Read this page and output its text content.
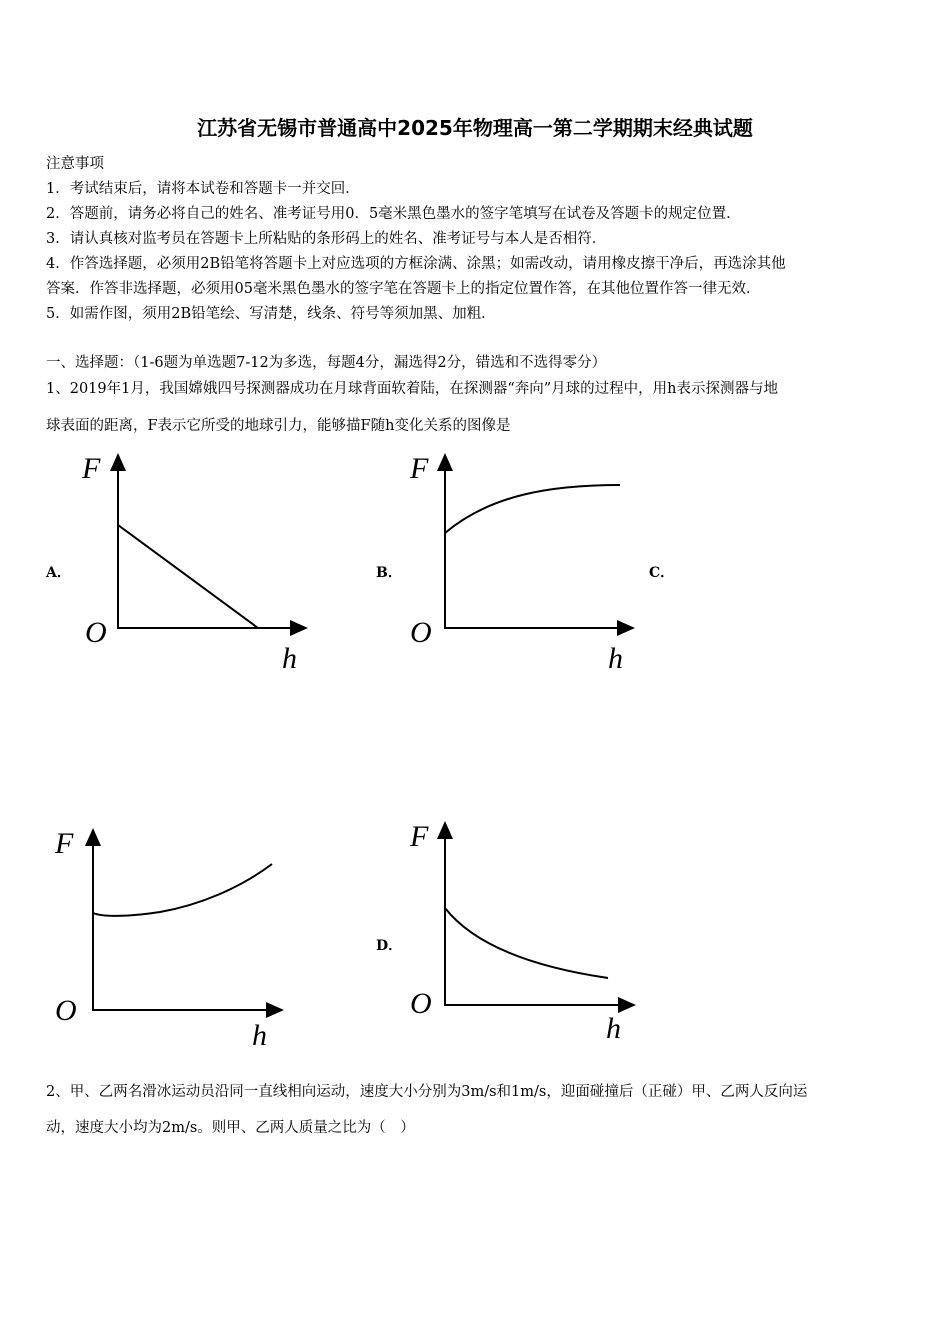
江苏省无锡市普通高中2025年物理高一第二学期期末经典试题
注意事项
1．考试结束后，请将本试卷和答题卡一并交回．
2．答题前，请务必将自己的姓名、准考证号用0．5毫米黑色墨水的签字笔填写在试卷及答题卡的规定位置．
3．请认真核对监考员在答题卡上所粘贴的条形码上的姓名、准考证号与本人是否相符．
4．作答选择题，必须用2B铅笔将答题卡上对应选项的方框涂满、涂黑；如需改动，请用橡皮擦干净后，再选涂其他
答案．作答非选择题，必须用05毫米黑色墨水的签字笔在答题卡上的指定位置作答，在其他位置作答一律无效．
5．如需作图，须用2B铅笔绘、写清楚，线条、符号等须加黑、加粗．
一、选择题：（1-6题为单选题7-12为多选，每题4分，漏选得2分，错选和不选得零分）
1、2019年1月，我国嫦娥四号探测器成功在月球背面软着陆，在探测器“奔向”月球的过程中，用h表示探测器与地
球表面的距离，F表示它所受的地球引力，能够描F随h变化关系的图像是
A．	B．	C．
D．
F
O
h
F
O
h
F
O
h
F
O
h
2、甲、乙两名滑冰运动员沿同一直线相向运动，速度大小分别为3m/s和1m/s，迎面碰撞后（正碰）甲、乙两人反向运
动，速度大小均为2m/s。则甲、乙两人质量之比为（　）
